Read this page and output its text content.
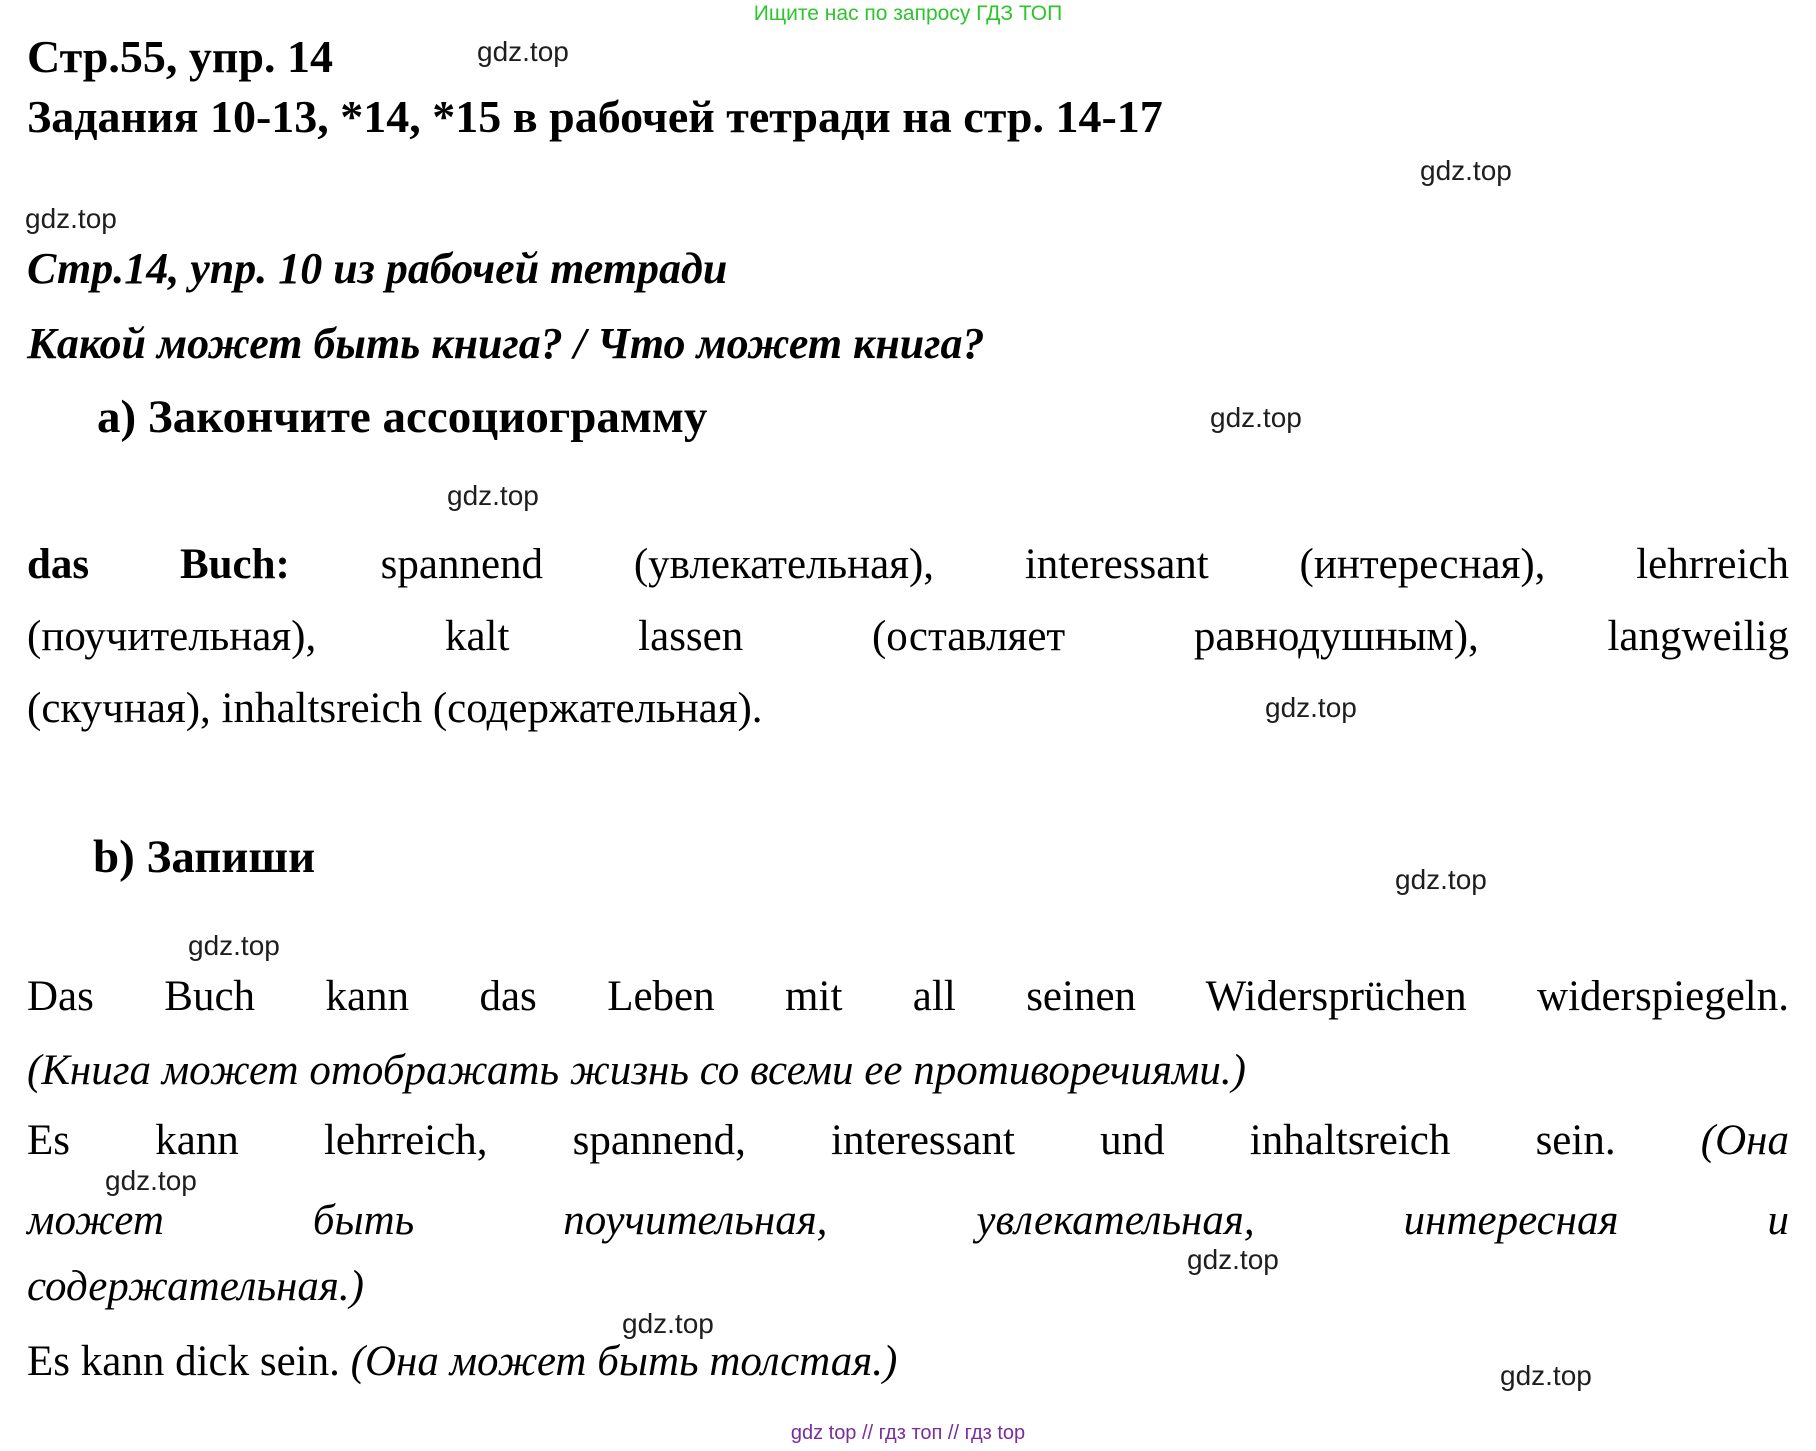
Ищите нас по запросу ГДЗ ТОП
Стр.55, упр. 14	gdz.top
Задания 10-13, *14, *15 в рабочей тетради на стр. 14-17
gdz.top
gdz.top
Стр.14, упр. 10 из рабочей тетради
Какой может быть книга? / Что может книга?
a) Закончите ассоциограмму	gdz.top
gdz.top
das Buch: spannend (увлекательная), interessant (интересная), lehrreich
(поучительная), kalt lassen (оставляет равнодушным), langweilig
(скучная), inhaltsreich (содержательная).	gdz.top
b) Запиши	gdz.top
gdz.top
Das Buch kann das Leben mit all seinen Widersprüchen widerspiegeln.
(Книга может отображать жизнь со всеми ее противоречиями.)
Es kann lehrreich, spannend, interessant und inhaltsreich sein. (Она
может быть поучительная, увлекательная, интересная и
gdz.top
gdz.top
содержательная.)
gdz.top
Es kann dick sein. (Она может быть толстая.)	gdz.top
gdz top // гдз топ // гдз top
